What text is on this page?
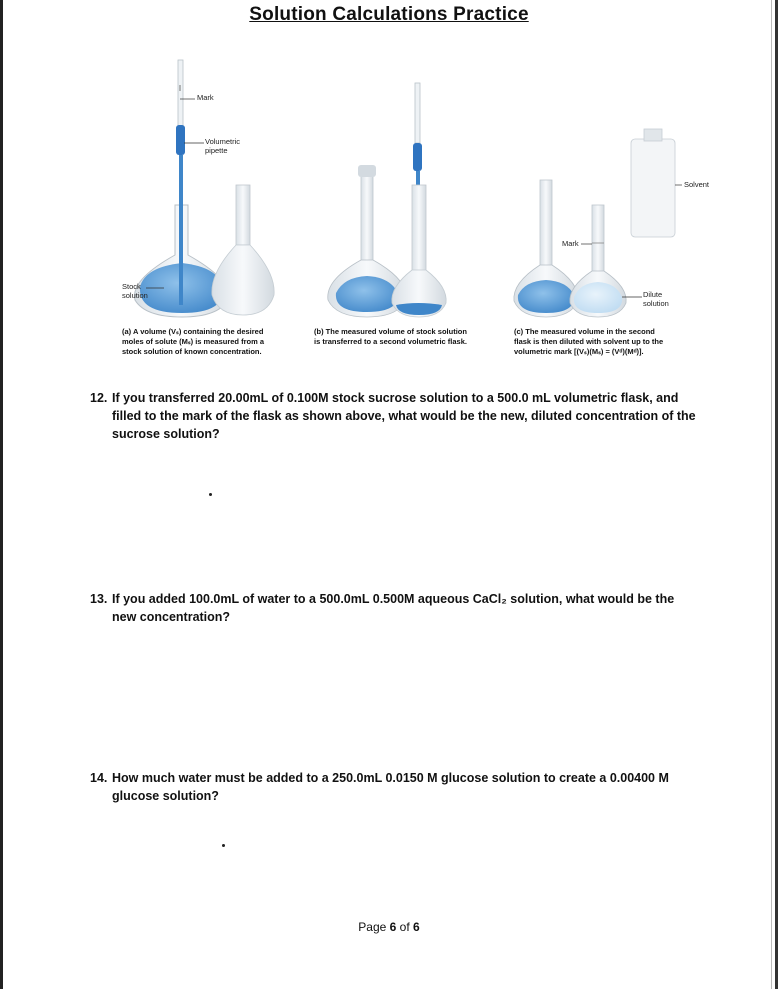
Solution Calculations Practice
Mark
Volumetric
pipette
Stock
solution
Mark
Solvent
Dilute
solution
(a) A volume (Vₛ) containing the desired
moles of solute (Mₛ) is measured from a
stock solution of known concentration.
(b) The measured volume of stock solution
is transferred to a second volumetric flask.
(c) The measured volume in the second
flask is then diluted with solvent up to the
volumetric mark [(Vₛ)(Mₛ) = (Vᵈ)(Mᵈ)].
12. If you transferred 20.00mL of 0.100M stock sucrose solution to a 500.0 mL volumetric flask, and
filled to the mark of the flask as shown above, what would be the new, diluted concentration of the
sucrose solution?
13. If you added 100.0mL of water to a 500.0mL 0.500M aqueous CaCl₂ solution, what would be the
new concentration?
14. How much water must be added to a 250.0mL 0.0150 M glucose solution to create a 0.00400 M
glucose solution?
Page 6 of 6
